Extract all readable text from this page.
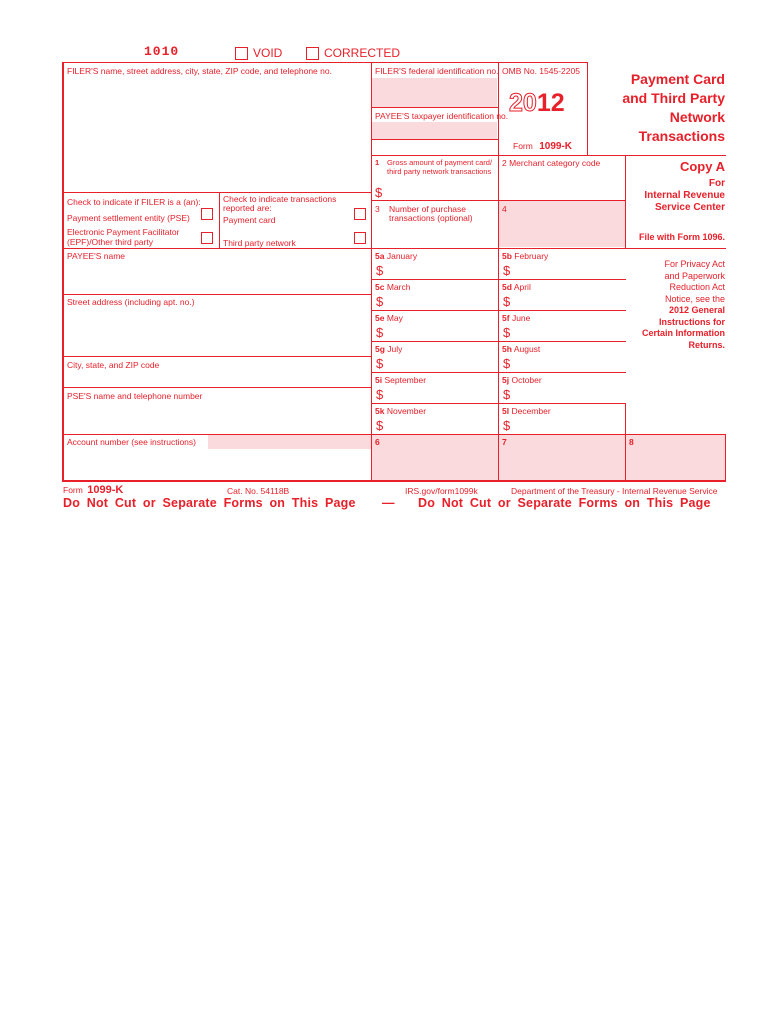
1010	VOID	CORRECTED
FILER'S name, street address, city, state, ZIP code, and telephone no.	FILER'S federal identification no.
PAYEE'S taxpayer identification no.
Check to indicate if FILER is a (an):
Payment settlement entity (PSE)
Electronic Payment Facilitator
(EPF)/Other third party
Check to indicate transactions
reported are:
Payment card
Third party network
OMB No. 1545-2205
2012
Form 1099-K
Payment Card
and Third Party
Network
Transactions
Copy A
For
Internal Revenue
Service Center
File with Form 1096.
For Privacy Act
and Paperwork
Reduction Act
Notice, see the
2012 General
Instructions for
Certain Information
Returns.
1 Gross amount of payment card/
third party network transactions
$
2 Merchant category code
3 Number of purchase
transactions (optional)
4
PAYEE'S name
Street address (including apt. no.)
City, state, and ZIP code
PSE'S name and telephone number
Account number (see instructions)
5a January
$
5b February
$
5c March
$
5d April
$
5e May
$
5f June
$
5g July
$
5h August
$
5i September
$
5j October
$
5k November
$
5l December
$
6	7	8
Form 1099-K	Cat. No. 54118B	IRS.gov/form1099k	Department of the Treasury - Internal Revenue Service
Do Not Cut or Separate Forms on This Page — Do Not Cut or Separate Forms on This Page
